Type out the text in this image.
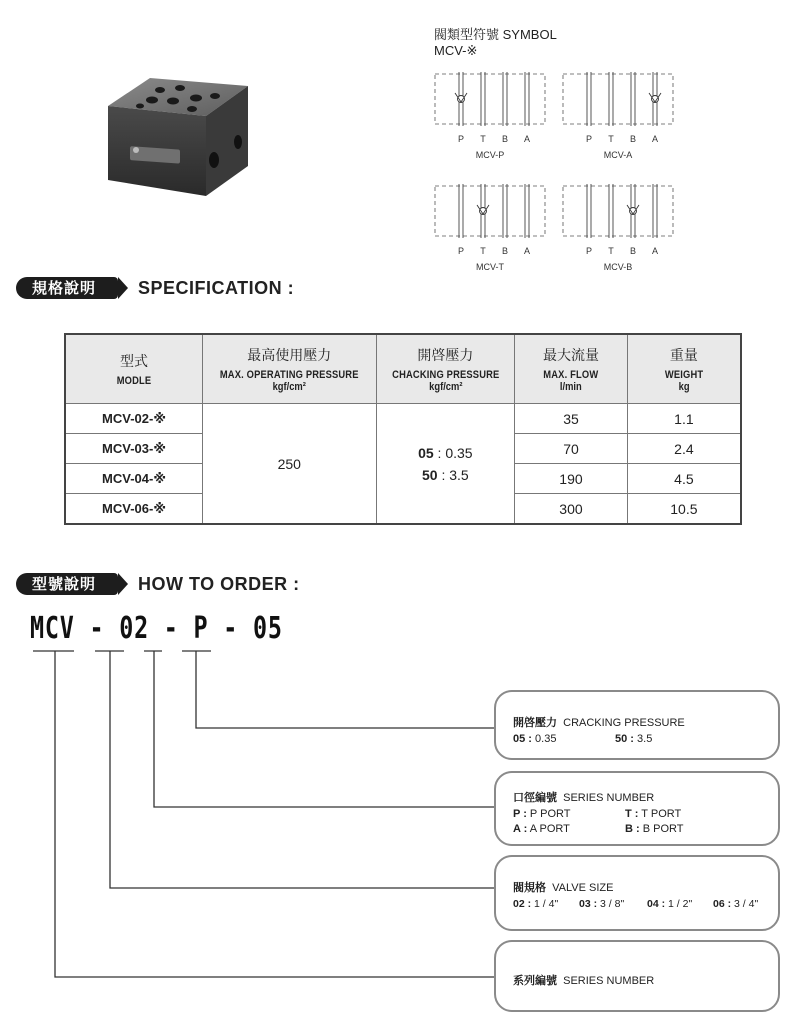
閥類型符號 SYMBOL
MCV-※
P T B A
MCV-P
P T B A
MCV-A
P T B A
MCV-T
P T B A
MCV-B
規格說明	SPECIFICATION :
型式
MODLE	最高使用壓力
MAX. OPERATING PRESSURE
kgf/cm²	開啓壓力
CHACKING PRESSURE
kgf/cm²	最大流量
MAX. FLOW
l/min	重量
WEIGHT
kg

MCV-02-※	250	05 : 0.35
50 : 3.5	35	1.1
MCV-03-※			70	2.4
MCV-04-※			190	4.5
MCV-06-※			300	10.5
型號說明	HOW TO ORDER :
MCV - 02 - P - 05
開啓壓力 CRACKING PRESSURE
05 : 0.35	50 : 3.5
口徑編號 SERIES NUMBER
P : P PORT	T : T PORT
A : A PORT	B : B PORT
閥規格 VALVE SIZE
02 : 1 / 4"	03 : 3 / 8"	04 : 1 / 2"	06 : 3 / 4"
系列編號 SERIES NUMBER
